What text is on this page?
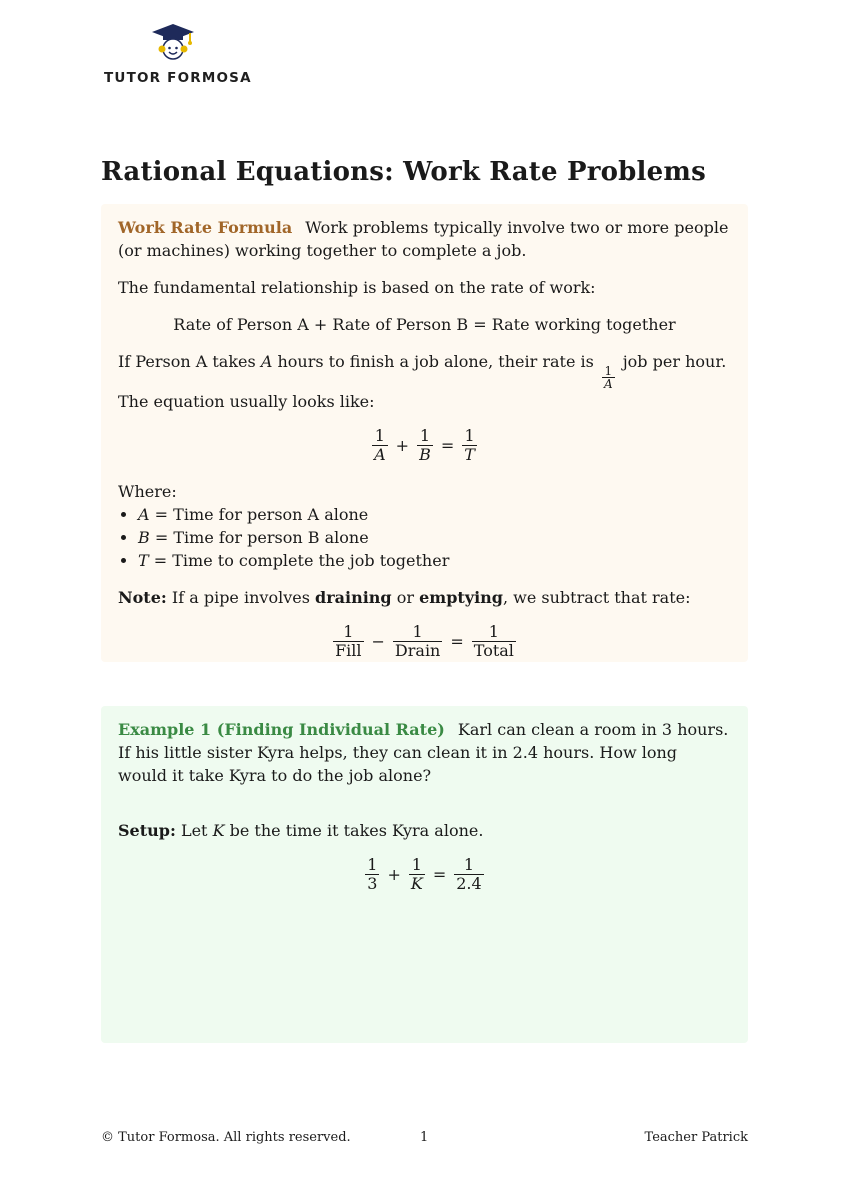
TUTOR FORMOSA
Rational Equations: Work Rate Problems

Work Rate Formula Work problems typically involve two or more people (or machines) working together to complete a job.

The fundamental relationship is based on the rate of work:

Rate of Person A + Rate of Person B = Rate working together

If Person A takes A hours to finish a job alone, their rate is
$\frac{1}{A}$
job per hour. The equation usually looks like:

$\frac{1}{A} + \frac{1}{B} = \frac{1}{T}$
Where:
• A = Time for person A alone
• B = Time for person B alone
• T = Time to complete the job together

Note: If a pipe involves draining or emptying, we subtract that rate:

$\frac{1}{\text{Fill}} - \frac{1}{\text{Drain}} = \frac{1}{\text{Total}}$

Example 1 (Finding Individual Rate) Karl can clean a room in 3 hours. If his little sister Kyra helps, they can clean it in 2.4 hours. How long would it take Kyra to do the job alone?

Setup: Let K be the time it takes Kyra alone.

$\frac{1}{3} + \frac{1}{K} = \frac{1}{2.4}$
© Tutor Formosa. All rights reserved.	1	Teacher Patrick
